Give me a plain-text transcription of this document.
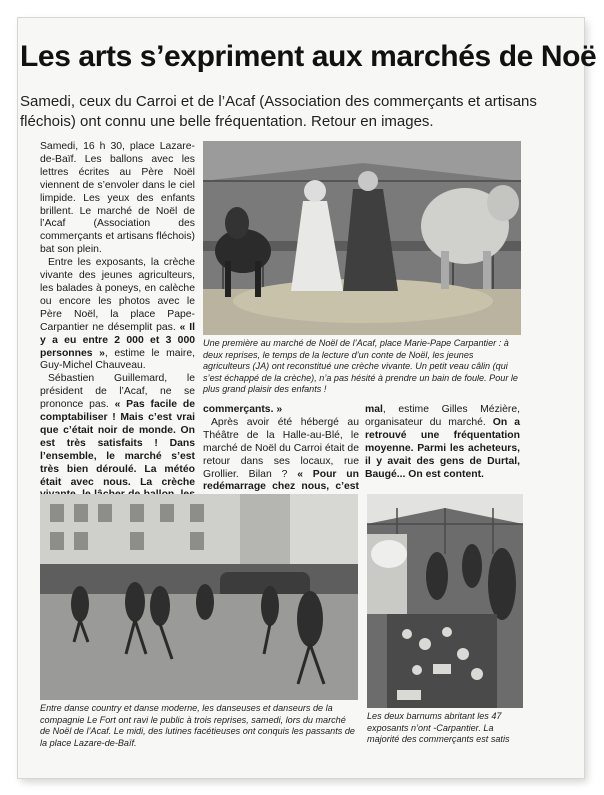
Les arts s’expriment aux marchés de Noë
Samedi, ceux du Carroi et de l’Acaf (Association des commerçants et artisans fléchois) ont connu une belle fréquentation. Retour en images.

Samedi, 16 h 30, place Lazare-de-Baïf. Les ballons avec les lettres écrites au Père Noël viennent de s’envoler dans le ciel limpide. Les yeux des enfants brillent. Le marché de Noël de l’Acaf (Association des commerçants et artisans fléchois) bat son plein.

Entre les exposants, la crèche vivante des jeunes agriculteurs, les balades à poneys, en calèche ou encore les photos avec le Père Noël, la place Pape-Carpantier ne désemplit pas. « Il y a eu entre 2 000 et 3 000 personnes », estime le maire, Guy-Michel Chauveau.

Sébastien Guillemard, le président de l’Acaf, ne se prononce pas. « Pas facile de comptabiliser ! Mais c’est vrai que c’était noir de monde. On est très satisfaits ! Dans l’ensemble, le marché s’est très bien déroulé. La météo était avec nous. La crèche

Une première au marché de Noël de l’Acaf, place Marie-Pape Carpantier : à deux reprises, le temps de la lecture d’un conte de Noël, les jeunes agriculteurs (JA) ont reconstitué une crèche vivante. Un petit veau câlin (qui s’est échappé de la crèche), n’a pas hésité à prendre un bain de foule. Pour le plus grand plaisir des enfants !

commerçants. »

Après avoir été hébergé au Théâtre de la Halle-au-Blé, le marché de Noël du Carroi était de retour dans ses locaux, rue Grollier. Bilan ? « Pour un redémarrage chez nous, c’est

mal, estime Gilles Mézière, organisateur du marché. On a retrouvé une fréquentation moyenne. Parmi les acheteurs, il y avait des gens de Durtal, Baugé... On est content.

Entre danse country et danse moderne, les danseuses et danseurs de la compagnie Le Fort ont ravi le public à trois reprises, samedi, lors du marché de Noël de l’Acaf. Le midi, des lutines facétieuses ont conquis les passants de la place Lazare-de-Baïf.
Les deux barnums abritant les 47 exposants n’ont -Carpantier. La majorité des commerçants est satis
